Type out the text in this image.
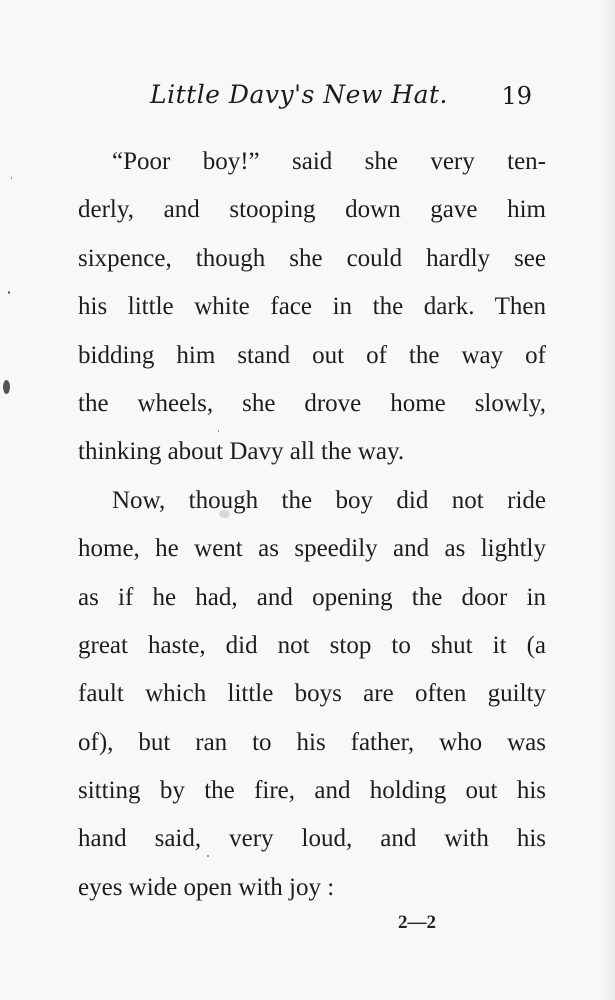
Little Davy's New Hat. 19
“Poor boy!” said she very ten-
derly, and stooping down gave him
sixpence, though she could hardly see
his little white face in the dark. Then
bidding him stand out of the way of
the wheels, she drove home slowly,
thinking about Davy all the way.
Now, though the boy did not ride
home, he went as speedily and as lightly
as if he had, and opening the door in
great haste, did not stop to shut it (a
fault which little boys are often guilty
of), but ran to his father, who was
sitting by the fire, and holding out his
hand said, very loud, and with his
eyes wide open with joy :
2—2
